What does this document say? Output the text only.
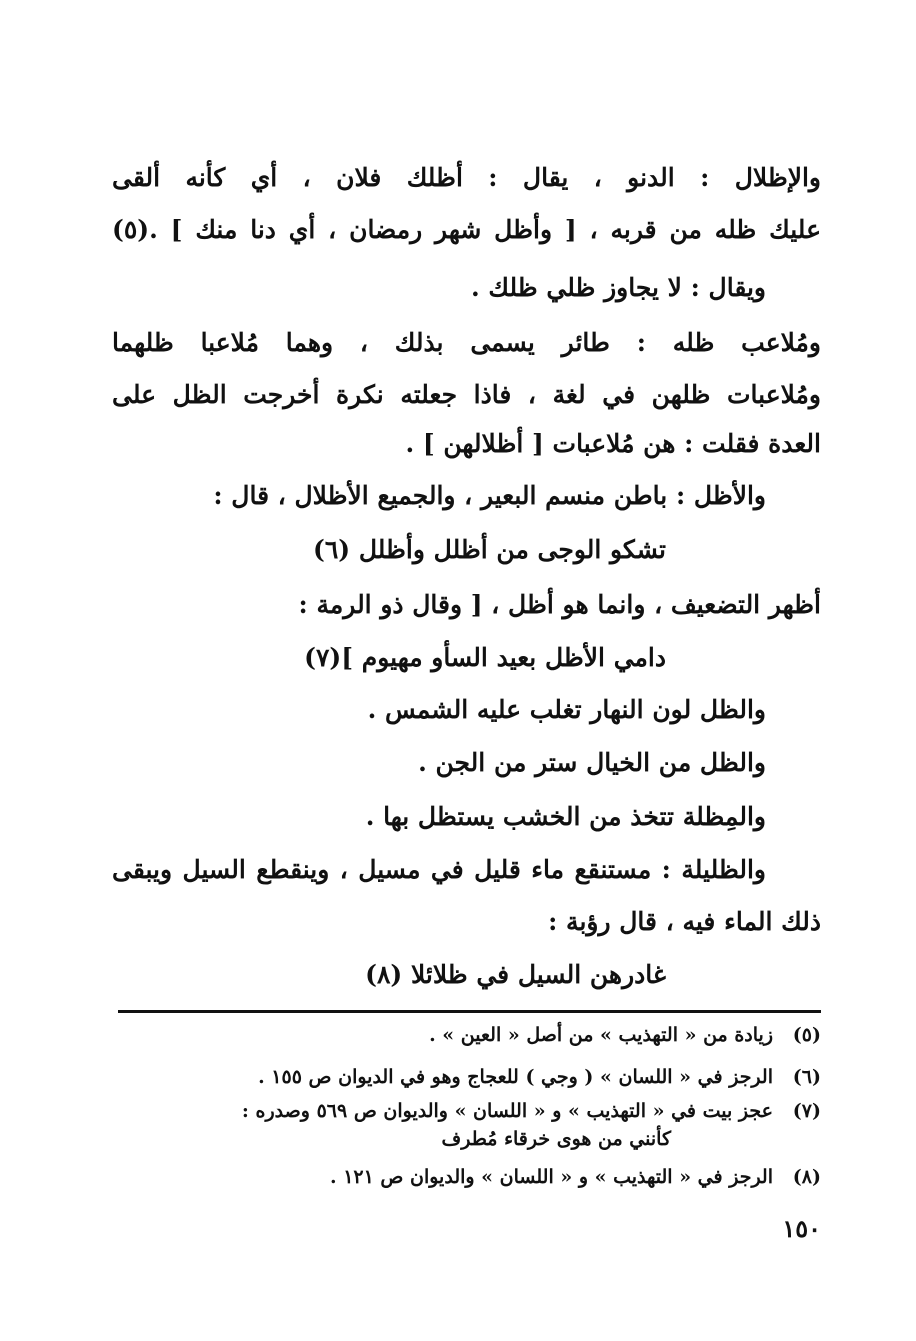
والإظلال : الدنو ، يقال : أظلك فلان ، أي كأنه ألقى
عليك ظله من قربه ، [ وأظل شهر رمضان ، أي دنا منك ] .(٥)
ويقال : لا يجاوز ظلي ظلك .
ومُلاعب ظله : طائر يسمى بذلك ، وهما مُلاعبا ظلهما
ومُلاعبات ظلهن في لغة ، فاذا جعلته نكرة أخرجت الظل على
العدة فقلت : هن مُلاعبات [ أظلالهن ] .
والأظل : باطن منسم البعير ، والجميع الأظلال ، قال :
تشكو الوجى من أظلل وأظلل (٦)
أظهر التضعيف ، وانما هو أظل ، [ وقال ذو الرمة :
دامي الأظل بعيد السأو مهيوم ](٧)
والظل لون النهار تغلب عليه الشمس .
والظل من الخيال ستر من الجن .
والمِظلة تتخذ من الخشب يستظل بها .
والظليلة : مستنقع ماء قليل في مسيل ، وينقطع السيل ويبقى
ذلك الماء فيه ، قال رؤبة :
غادرهن السيل في ظلائلا (٨)
(٥)
زيادة من « التهذيب » من أصل « العين » .
(٦)
الرجز في « اللسان » ( وجي ) للعجاج وهو في الديوان ص ١٥٥ .
(٧)
عجز بيت في « التهذيب » و « اللسان » والديوان ص ٥٦٩ وصدره :
كأنني من هوى خرقاء مُطرف
(٨)
الرجز في « التهذيب » و « اللسان » والديوان ص ١٢١ .
١٥٠
